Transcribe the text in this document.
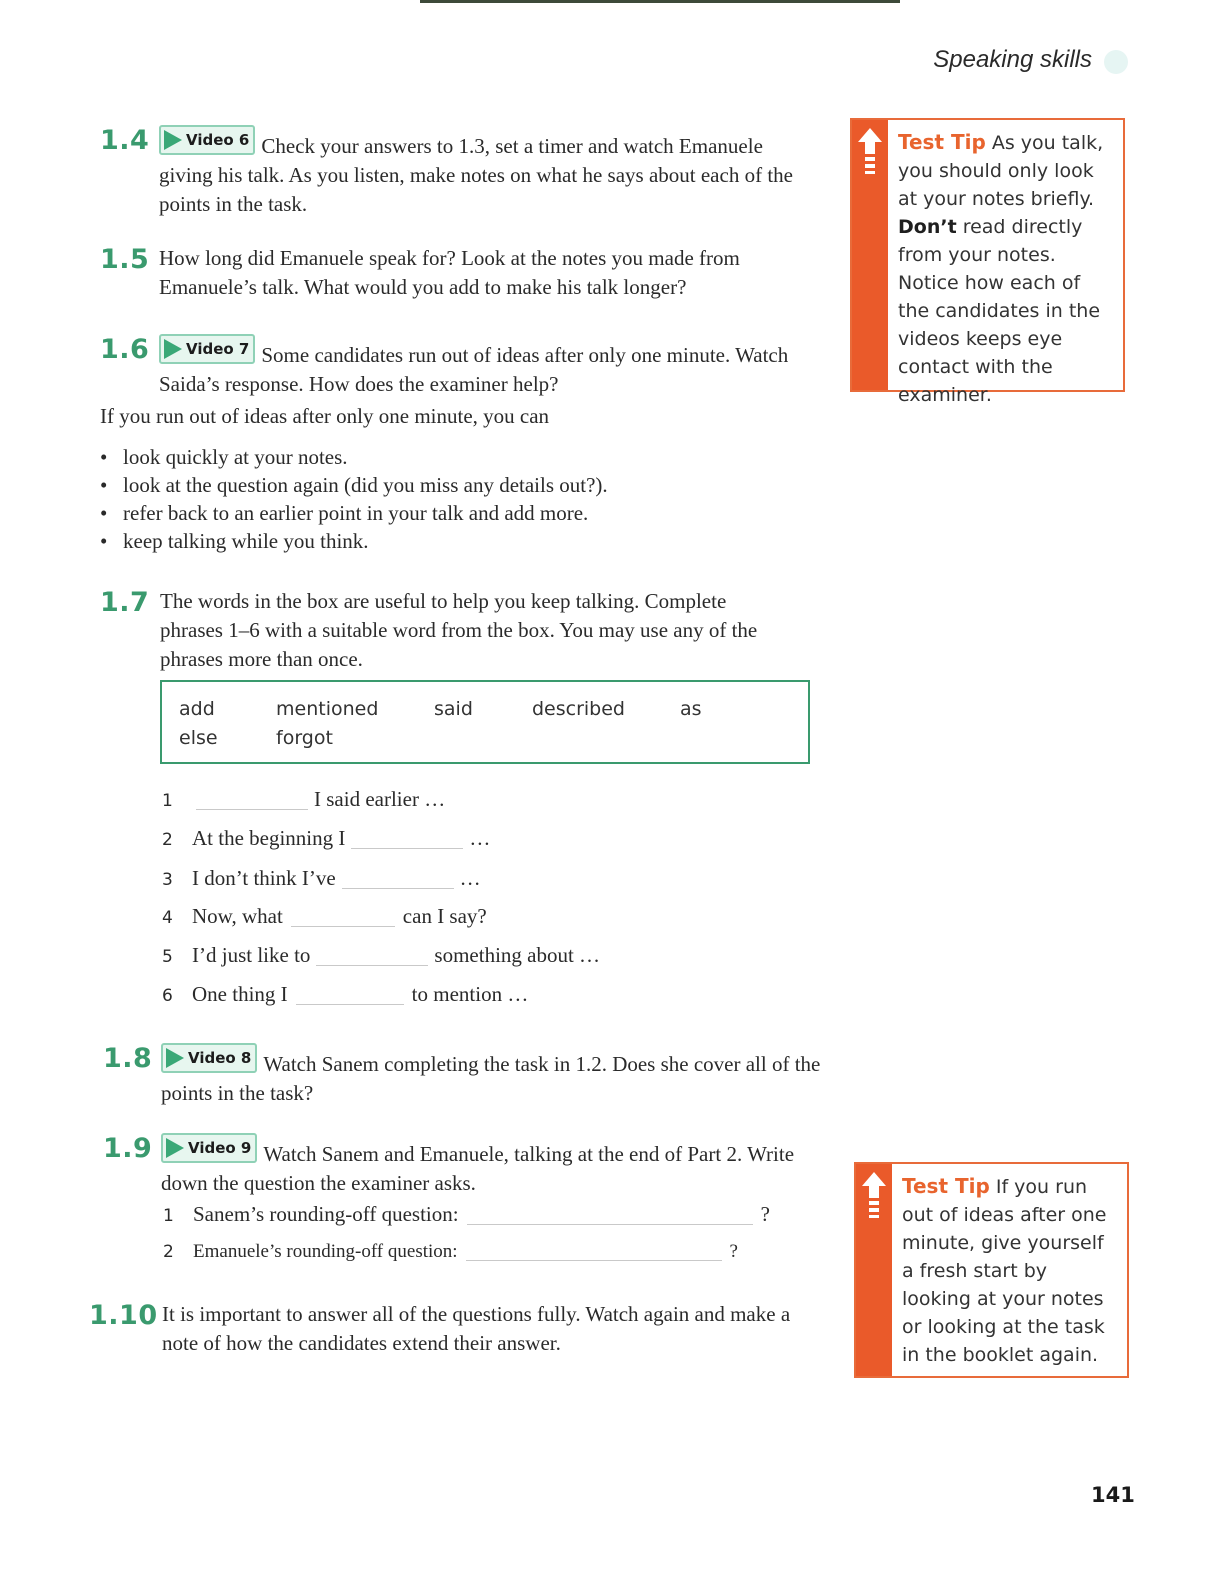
Speaking skills
1.4 Video 6 Check your answers to 1.3, set a timer and watch Emanuele giving his talk. As you listen, make notes on what he says about each of the points in the task.
1.5 How long did Emanuele speak for? Look at the notes you made from Emanuele’s talk. What would you add to make his talk longer?
1.6 Video 7 Some candidates run out of ideas after only one minute. Watch Saida’s response. How does the examiner help?
If you run out of ideas after only one minute, you can
• look quickly at your notes.
• look at the question again (did you miss any details out?).
• refer back to an earlier point in your talk and add more.
• keep talking while you think.
1.7 The words in the box are useful to help you keep talking. Complete phrases 1–6 with a suitable word from the box. You may use any of the phrases more than once.
add	mentioned	said	described	as
else	forgot
1	I said earlier …
2 At the beginning I	…
3 I don’t think I’ve	…
4 Now, what	can I say?
5 I’d just like to	something about …
6 One thing I	to mention …
1.8 Video 8 Watch Sanem completing the task in 1.2. Does she cover all of the points in the task?
1.9 Video 9 Watch Sanem and Emanuele, talking at the end of Part 2. Write down the question the examiner asks.
1 Sanem’s rounding-off question:	?
2 Emanuele’s rounding-off question:	?
1.10 It is important to answer all of the questions fully. Watch again and make a note of how the candidates extend their answer.
Test Tip As you talk, you should only look at your notes briefly. Don’t read directly from your notes. Notice how each of the candidates in the videos keeps eye contact with the examiner.
Test Tip If you run out of ideas after one minute, give yourself a fresh start by looking at your notes or looking at the task in the booklet again.
141
